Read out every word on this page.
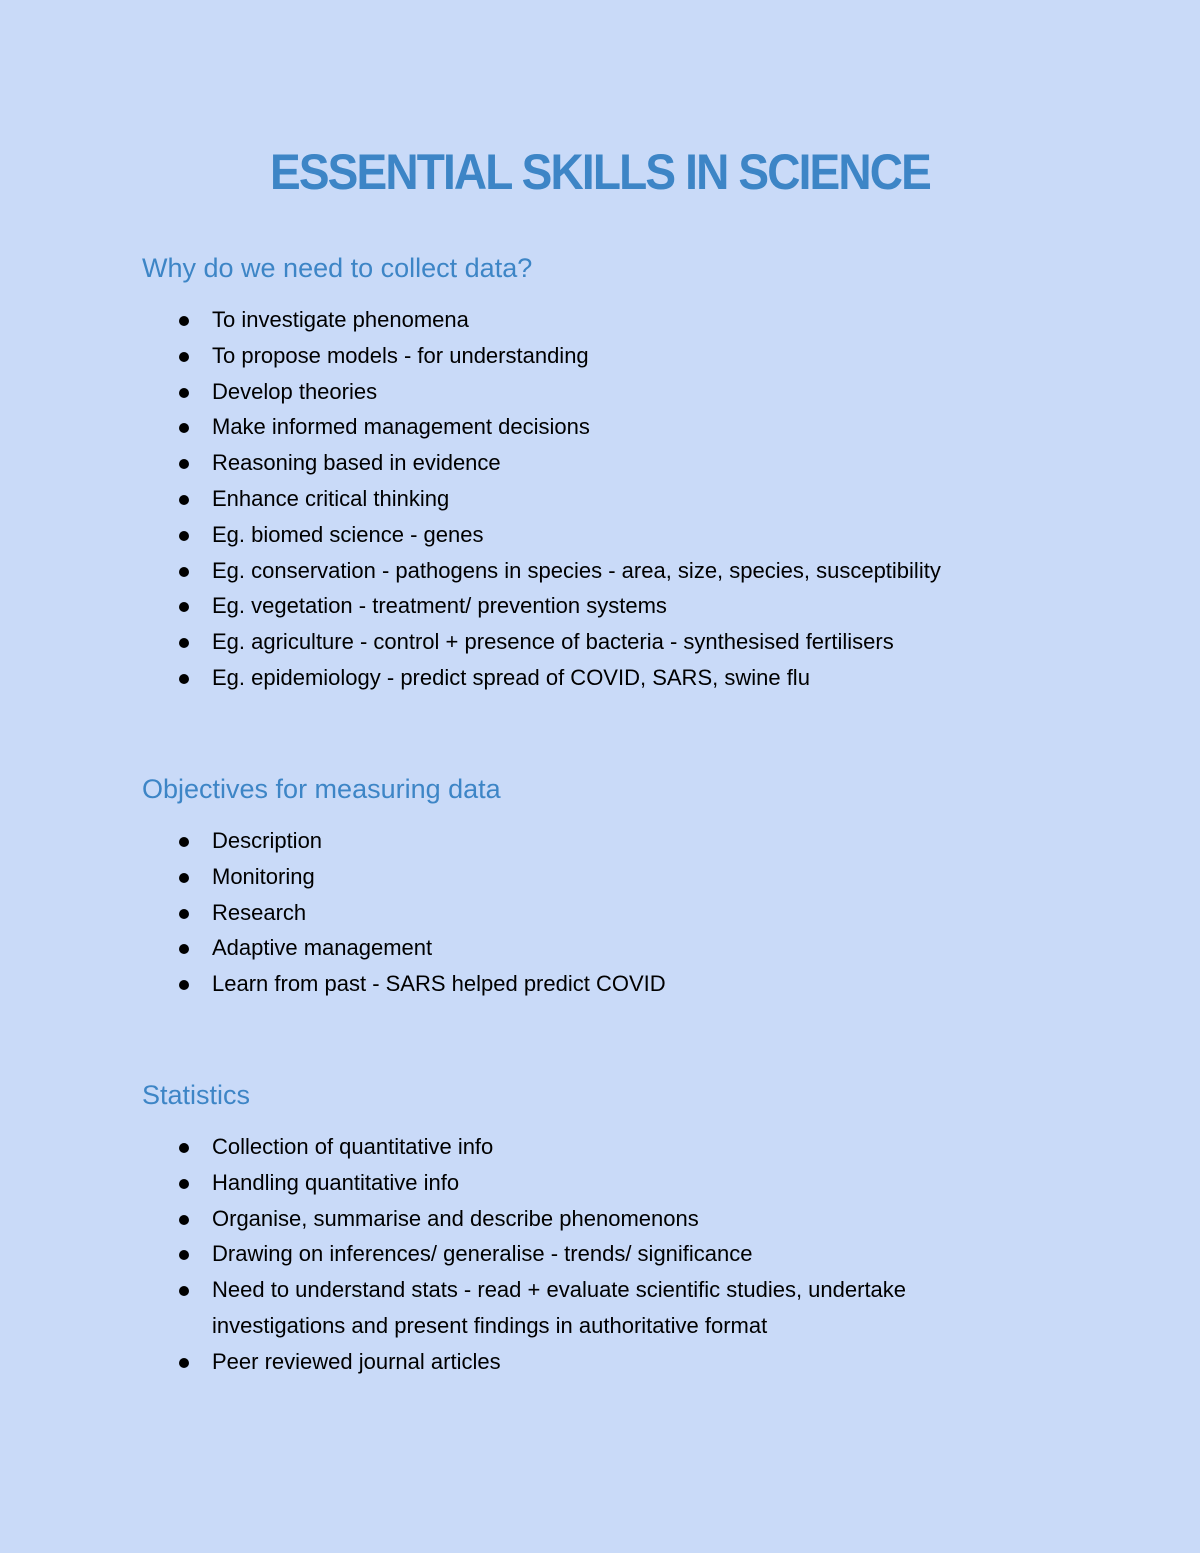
ESSENTIAL SKILLS IN SCIENCE
Why do we need to collect data?
To investigate phenomena
To propose models - for understanding
Develop theories
Make informed management decisions
Reasoning based in evidence
Enhance critical thinking
Eg. biomed science - genes
Eg. conservation - pathogens in species - area, size, species, susceptibility
Eg. vegetation - treatment/ prevention systems
Eg. agriculture - control + presence of bacteria - synthesised fertilisers
Eg. epidemiology - predict spread of COVID, SARS, swine flu
Objectives for measuring data
Description
Monitoring
Research
Adaptive management
Learn from past - SARS helped predict COVID
Statistics
Collection of quantitative info
Handling quantitative info
Organise, summarise and describe phenomenons
Drawing on inferences/ generalise - trends/ significance
Need to understand stats - read + evaluate scientific studies, undertake investigations and present findings in authoritative format
Peer reviewed journal articles
